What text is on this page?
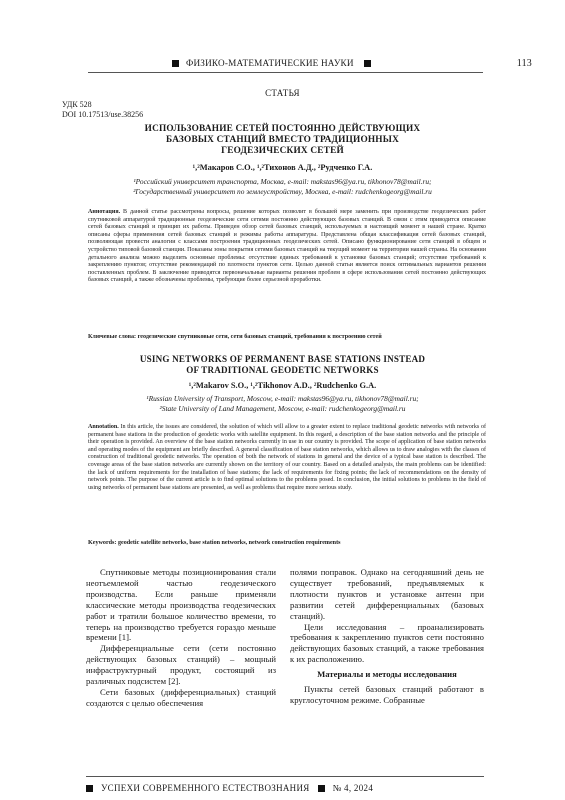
ФИЗИКО-МАТЕМАТИЧЕСКИЕ НАУКИ	113
СТАТЬЯ
УДК 528
DOI 10.17513/use.38256
ИСПОЛЬЗОВАНИЕ СЕТЕЙ ПОСТОЯННО ДЕЙСТВУЮЩИХ
БАЗОВЫХ СТАНЦИЙ ВМЕСТО ТРАДИЦИОННЫХ
ГЕОДЕЗИЧЕСКИХ СЕТЕЙ
¹,²Макаров С.О., ¹,²Тихонов А.Д., ²Рудченко Г.А.
¹Российский университет транспорта, Москва, e-mail: makstas96@ya.ru, tikhonov78@mail.ru;
²Государственный университет по землеустройству, Москва, e-mail: rudchenkogeorg@mail.ru
Аннотация. В данной статье рассмотрены вопросы, решение которых позволит в большей мере заменить при производстве геодезических работ спутниковой аппаратурой традиционные геодезические сети сетями постоянно действующих базовых станций. В связи с этим приводится описание сетей базовых станций и принцип их работы. Приведен обзор сетей базовых станций, используемых в настоящий момент в нашей стране. Кратко описаны сферы применения сетей базовых станций и режимы работы аппаратуры. Представлена общая классификация сетей базовых станций, позволяющая провести аналогии с классами построения традиционных геодезических сетей. Описано функционирование сети станций в общем и устройство типовой базовой станции. Показаны зоны покрытия сетями базовых станций на текущий момент на территории нашей страны. На основании детального анализа можно выделить основные проблемы: отсутствие единых требований к установке базовых станций; отсутствие требований к закреплению пунктов; отсутствие рекомендаций по плотности пунктов сети. Целью данной статьи является поиск оптимальных вариантов решения поставленных проблем. В заключение приводятся первоначальные варианты решения проблем в сфере использования сетей постоянно действующих базовых станций, а также обозначены проблемы, требующие более серьезной проработки.
Ключевые слова: геодезические спутниковые сети, сети базовых станций, требования к построению сетей
USING NETWORKS OF PERMANENT BASE STATIONS INSTEAD
OF TRADITIONAL GEODETIC NETWORKS
¹,²Makarov S.O., ¹,²Tikhonov A.D., ²Rudchenko G.A.
¹Russian University of Transport, Moscow, e-mail: makstas96@ya.ru, tikhonov78@mail.ru;
²State University of Land Management, Moscow, e-mail: rudchenkogeorg@mail.ru
Annotation. In this article, the issues are considered, the solution of which will allow to a greater extent to replace traditional geodetic networks with networks of permanent base stations in the production of geodetic works with satellite equipment. In this regard, a description of the base station networks and the principle of their operation is provided. An overview of the base station networks currently in use in our country is provided. The scope of application of base station networks and operating modes of the equipment are briefly described. A general classification of base station networks, which allows us to draw analogies with the classes of construction of traditional geodetic networks. The operation of both the network of stations in general and the device of a typical base station is described. The coverage areas of the base station networks are currently shown on the territory of our country. Based on a detailed analysis, the main problems can be identified: the lack of uniform requirements for the installation of base stations; the lack of requirements for fixing points; the lack of recommendations on the density of network points. The purpose of the current article is to find optimal solutions to the problems posed. In conclusion, the initial solutions to problems in the field of using networks of permanent base stations are presented, as well as problems that require more serious study.
Keywords: geodetic satellite networks, base station networks, network construction requirements

Спутниковые методы позиционирования стали неотъемлемой частью геодезического производства. Если раньше применяли классические методы производства геодезических работ и тратили большое количество времени, то теперь на производство требуется гораздо меньше времени [1].

Дифференциальные сети (сети постоянно действующих базовых станций) – мощный инфраструктурный продукт, состоящий из различных подсистем [2].

Сети базовых (дифференциальных) станций создаются с целью обеспечения

полями поправок. Однако на сегодняшний день не существует требований, предъявляемых к плотности пунктов и установке антенн при развитии сетей дифференциальных (базовых станций).

Цели исследования – проанализировать требования к закреплению пунктов сети постоянно действующих базовых станций, а также требования к их расположению.

Материалы и методы исследования

Пункты сетей базовых станций работают в круглосуточном режиме. Собранные

УСПЕХИ СОВРЕМЕННОГО ЕСТЕСТВОЗНАНИЯ	№ 4, 2024
